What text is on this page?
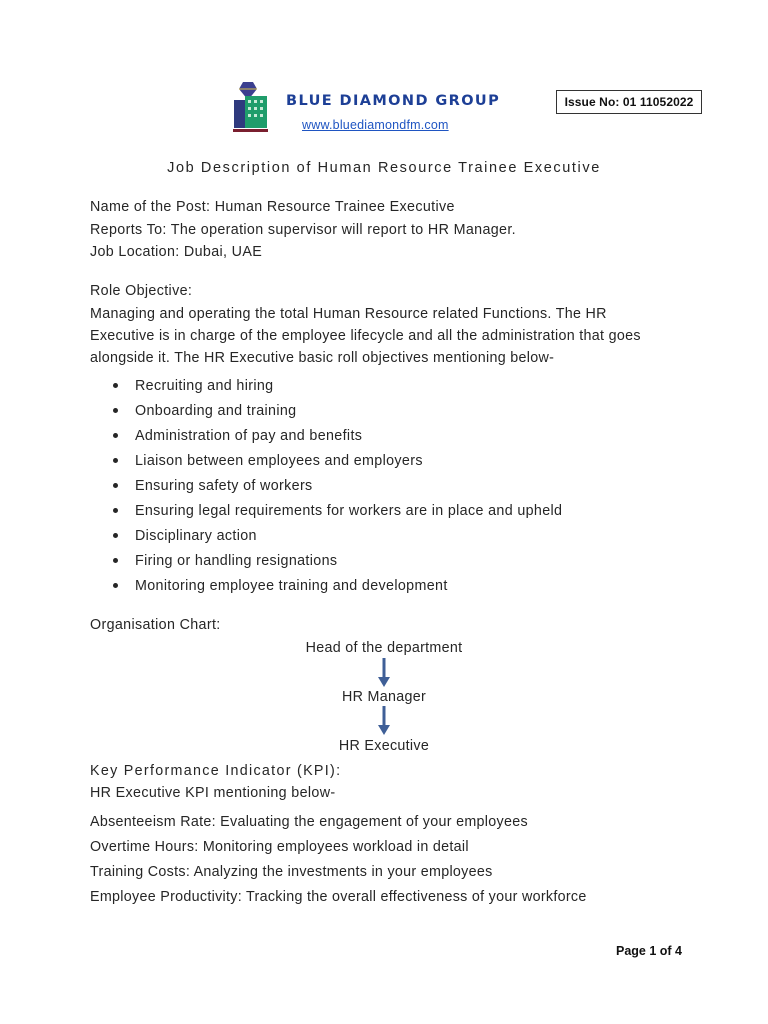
BLUE DIAMOND GROUP
www.bluediamondfm.com
Issue No: 01 11052022
Job Description of Human Resource Trainee Executive
Name of the Post: Human Resource Trainee Executive
Reports To: The operation supervisor will report to HR Manager.
Job Location: Dubai, UAE
Role Objective:
Managing and operating the total Human Resource related Functions. The HR
Executive is in charge of the employee lifecycle and all the administration that goes
alongside it. The HR Executive basic roll objectives mentioning below-
Recruiting and hiring
Onboarding and training
Administration of pay and benefits
Liaison between employees and employers
Ensuring safety of workers
Ensuring legal requirements for workers are in place and upheld
Disciplinary action
Firing or handling resignations
Monitoring employee training and development
Organisation Chart:
Head of the department
HR Manager
HR Executive
Key Performance Indicator (KPI):
HR Executive KPI mentioning below-
Absenteeism Rate: Evaluating the engagement of your employees
Overtime Hours: Monitoring employees workload in detail
Training Costs: Analyzing the investments in your employees
Employee Productivity: Tracking the overall effectiveness of your workforce
Page 1 of 4
